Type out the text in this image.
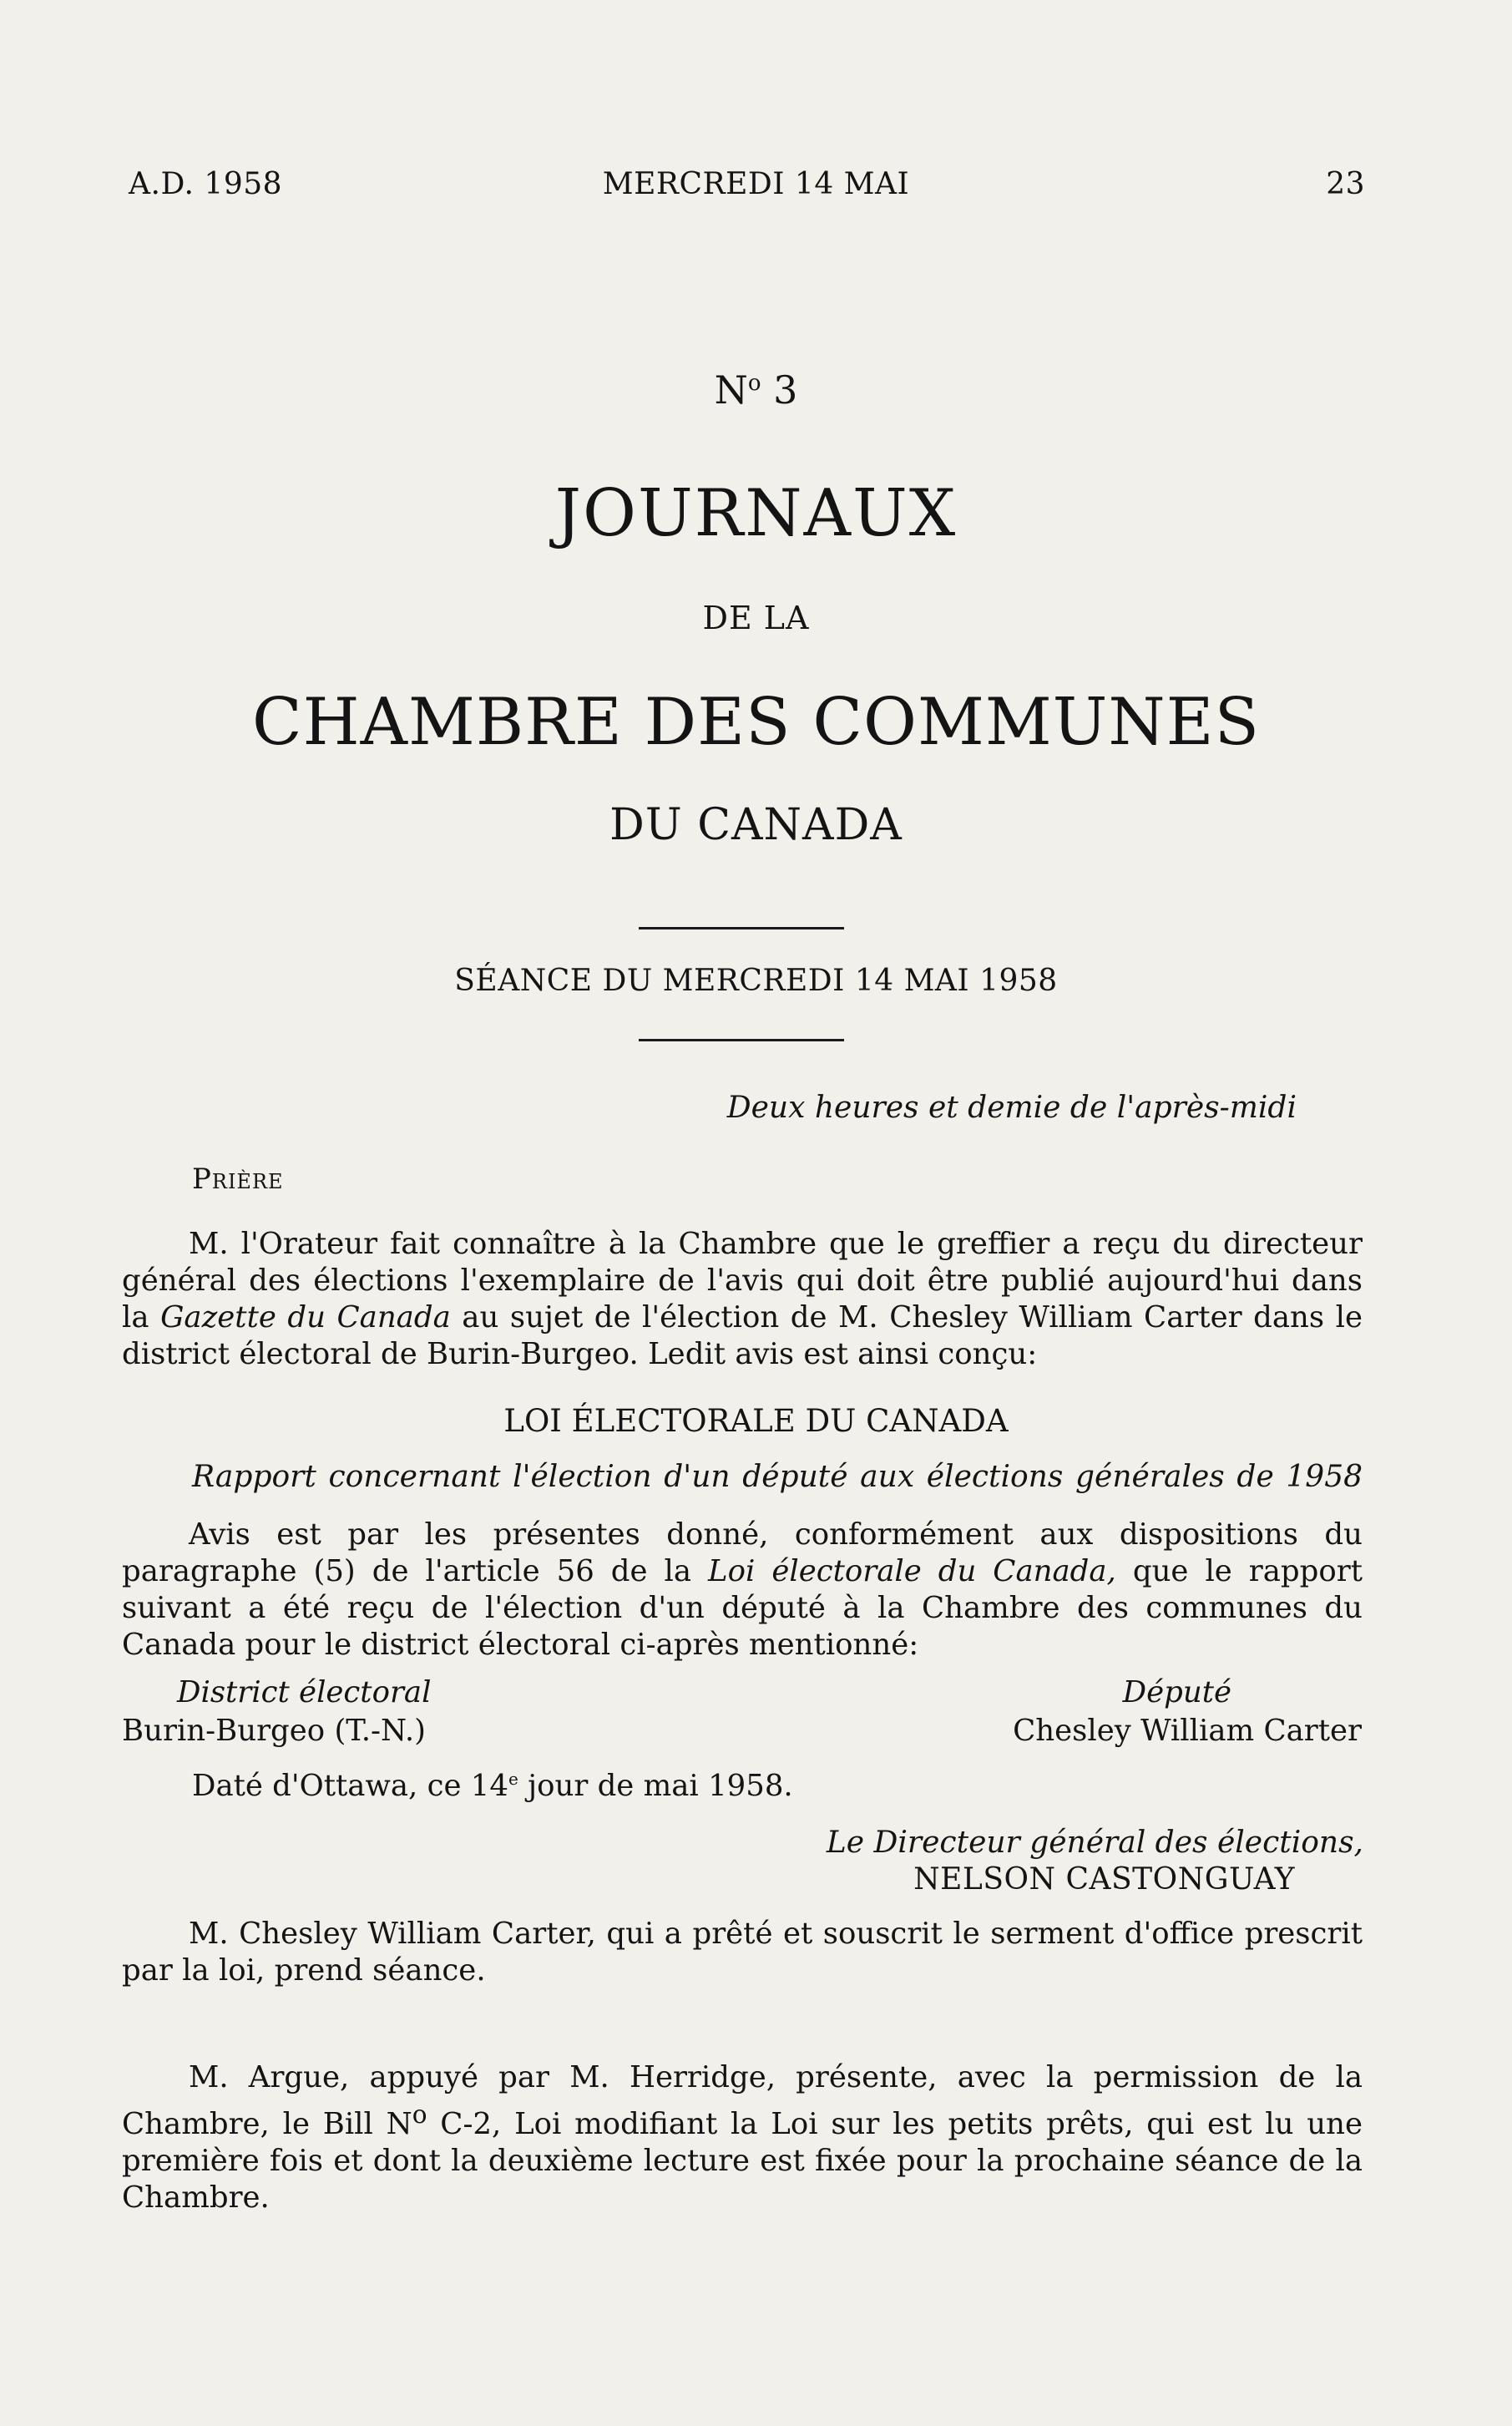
MERCREDI 14 MAI
A.D. 1958	23
$N^o$ 3
JOURNAUX
DE LA
CHAMBRE DES COMMUNES
DU CANADA
SÉANCE DU MERCREDI 14 MAI 1958
Deux heures et demie de l'après-midi
Prière
M. l'Orateur fait connaître à la Chambre que le greffier a reçu du directeur général des élections l'exemplaire de l'avis qui doit être publié aujourd'hui dans la Gazette du Canada au sujet de l'élection de M. Chesley William Carter dans le district électoral de Burin-Burgeo. Ledit avis est ainsi conçu:
LOI ÉLECTORALE DU CANADA
Rapport concernant l'élection d'un député aux élections générales de 1958
Avis est par les présentes donné, conformément aux dispositions du paragraphe (5) de l'article 56 de la Loi électorale du Canada, que le rapport suivant a été reçu de l'élection d'un député à la Chambre des communes du Canada pour le district électoral ci-après mentionné:
District électoral	Député
Burin-Burgeo (T.-N.)	Chesley William Carter
Daté d'Ottawa, ce 14e jour de mai 1958.
Le Directeur général des élections,
NELSON CASTONGUAY
M. Chesley William Carter, qui a prêté et souscrit le serment d'office prescrit par la loi, prend séance.
M. Argue, appuyé par M. Herridge, présente, avec la permission de la Chambre, le Bill $N^o$ C-2, Loi modifiant la Loi sur les petits prêts, qui est lu une première fois et dont la deuxième lecture est fixée pour la prochaine séance de la Chambre.
